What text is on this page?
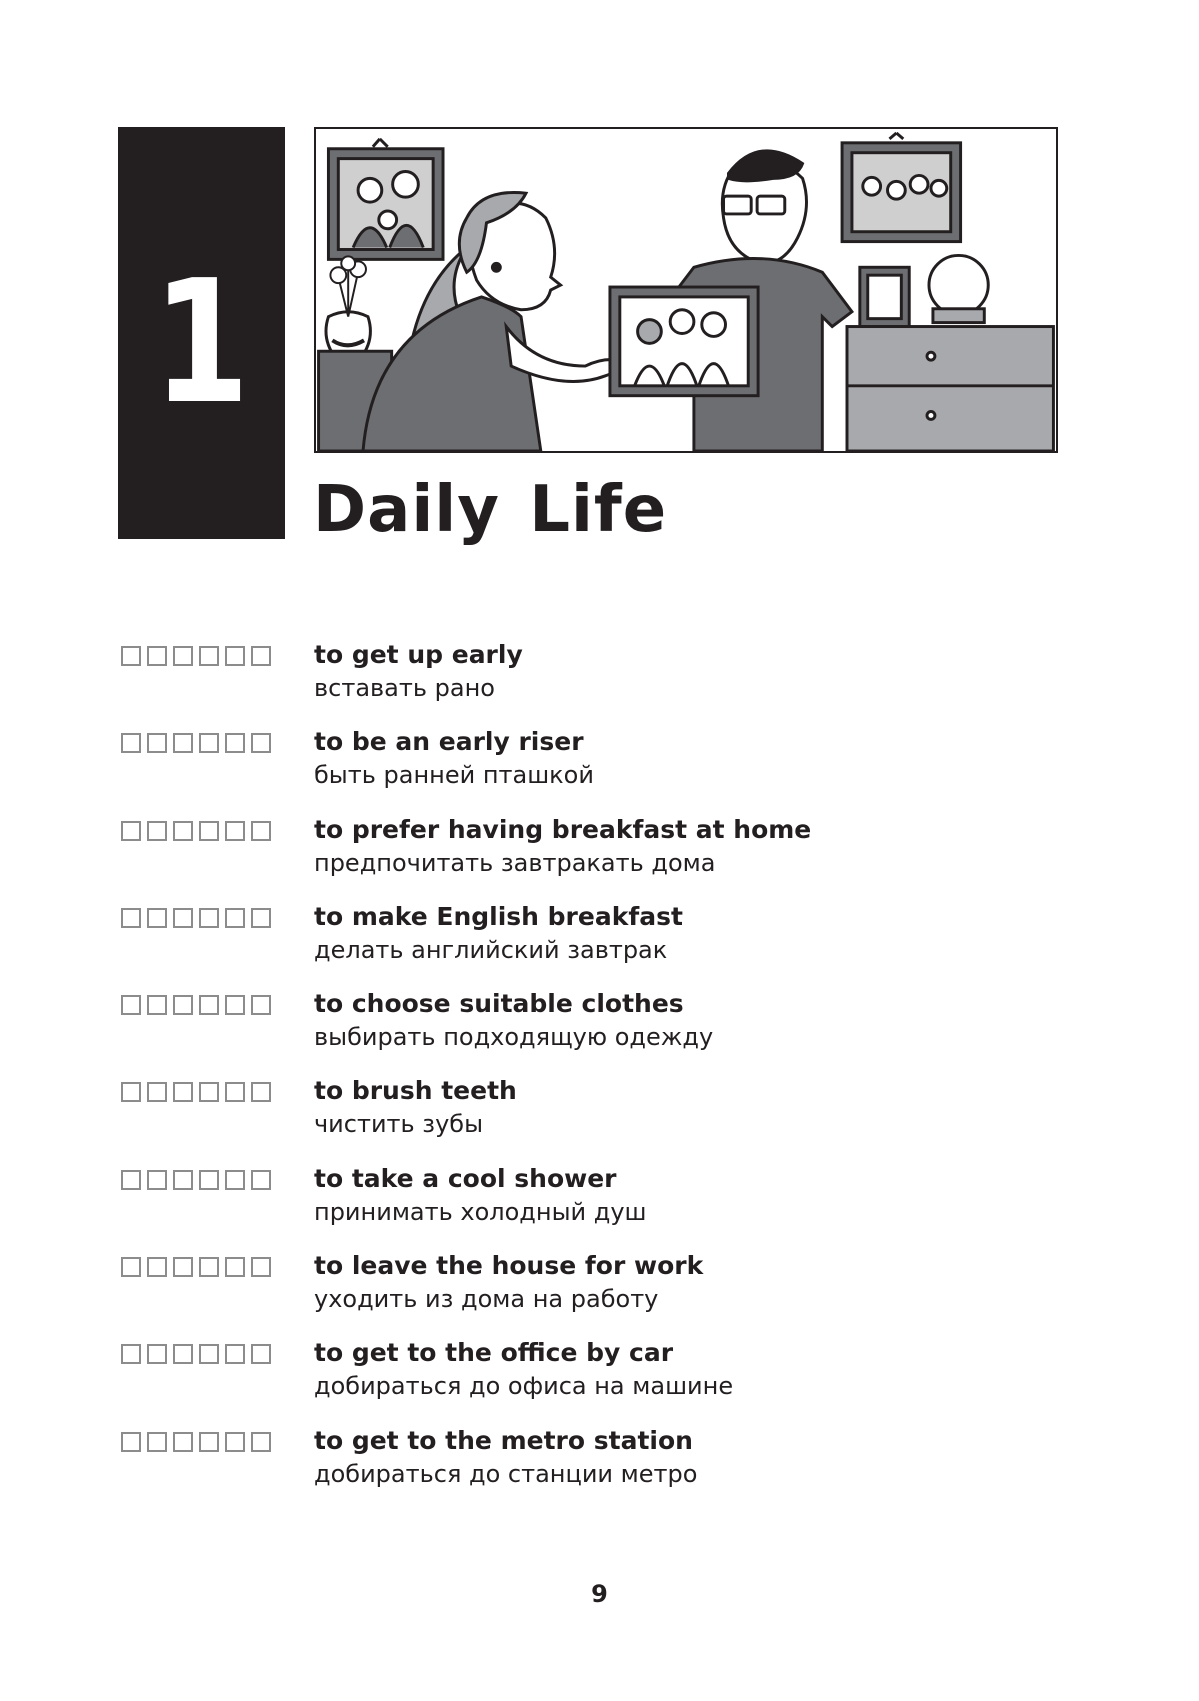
1
Daily Life
to get up early
вставать рано
to be an early riser
быть ранней пташкой
to prefer having breakfast at home
предпочитать завтракать дома
to make English breakfast
делать английский завтрак
to choose suitable clothes
выбирать подходящую одежду
to brush teeth
чистить зубы
to take a cool shower
принимать холодный душ
to leave the house for work
уходить из дома на работу
to get to the office by car
добираться до офиса на машине
to get to the metro station
добираться до станции метро
9
